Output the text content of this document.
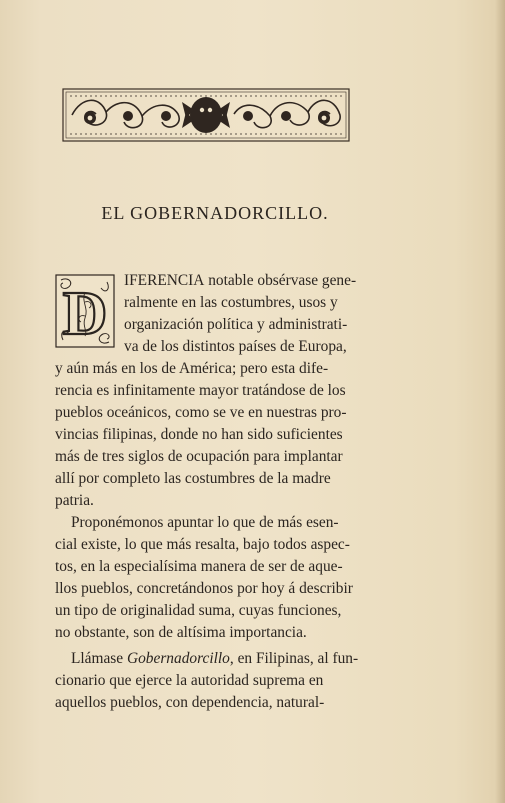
EL GOBERNADORCILLO.
D IFERENCIA notable obsérvase gene-
ralmente en las costumbres, usos y
organización política y administrati-
va de los distintos países de Europa,
y aún más en los de América; pero esta dife-
rencia es infinitamente mayor tratándose de los
pueblos oceánicos, como se ve en nuestras pro-
vincias filipinas, donde no han sido suficientes
más de tres siglos de ocupación para implantar
allí por completo las costumbres de la madre
patria.
Proponémonos apuntar lo que de más esen-
cial existe, lo que más resalta, bajo todos aspec-
tos, en la especialísima manera de ser de aque-
llos pueblos, concretándonos por hoy á describir
un tipo de originalidad suma, cuyas funciones,
no obstante, son de altísima importancia.
Llámase Gobernadorcillo, en Filipinas, al fun-
cionario que ejerce la autoridad suprema en
aquellos pueblos, con dependencia, natural-
